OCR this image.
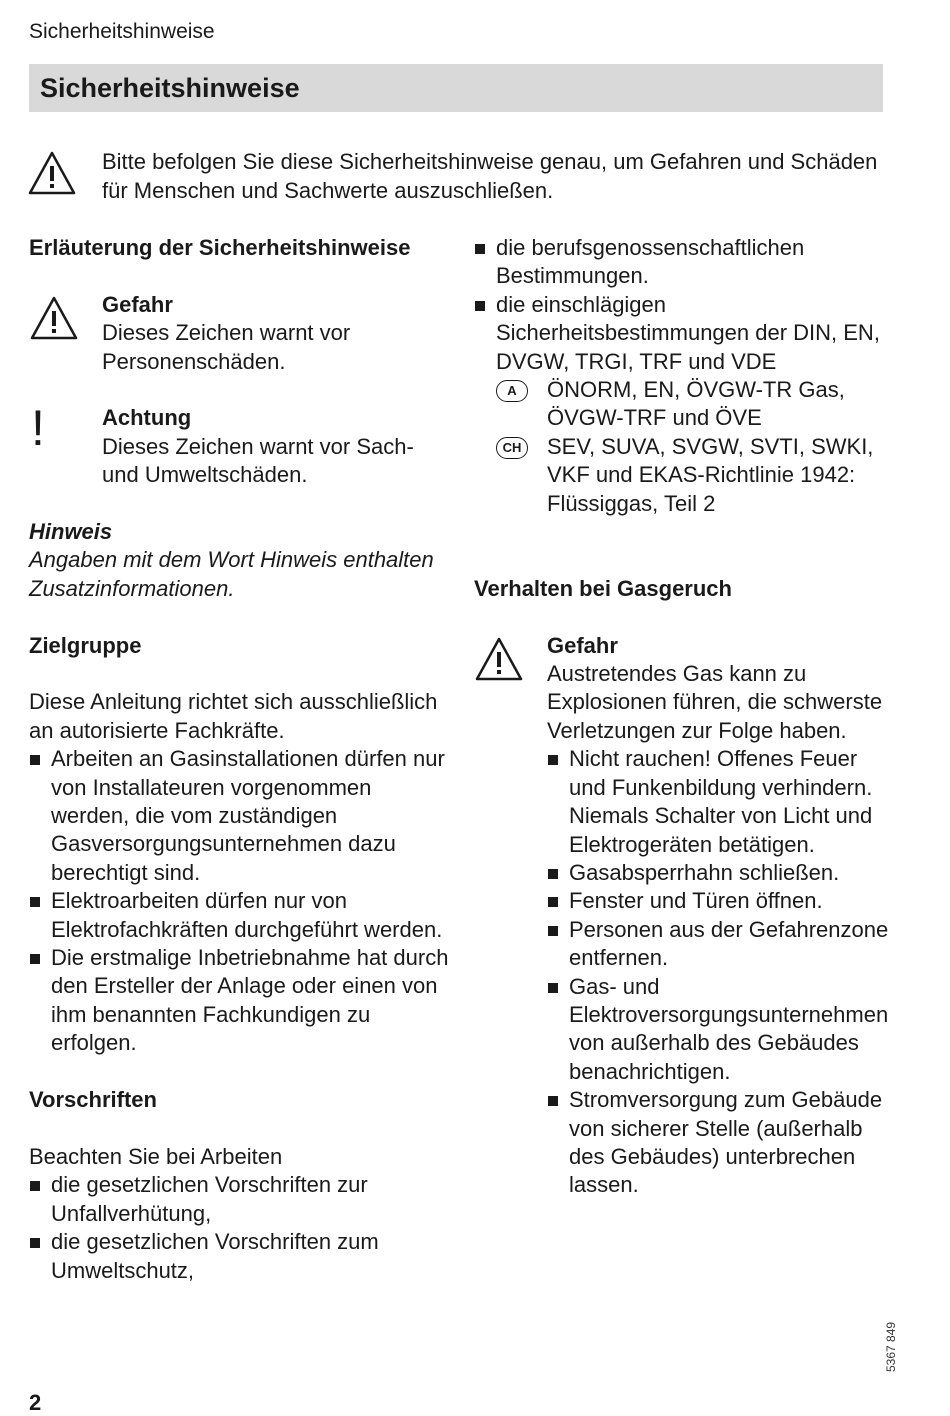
Sicherheitshinweise
Sicherheitshinweise
Bitte befolgen Sie diese Sicherheitshinweise genau, um Gefahren und Schäden für Menschen und Sachwerte auszuschließen.

Erläuterung der Sicherheitshinweise

Gefahr

Dieses Zeichen warnt vor Personenschäden.

!	Achtung

Dieses Zeichen warnt vor Sach- und Umweltschäden.

Hinweis

Angaben mit dem Wort Hinweis enthalten Zusatzinformationen.

Zielgruppe

Diese Anleitung richtet sich ausschließlich an autorisierte Fachkräfte.

Arbeiten an Gasinstallationen dürfen nur von Installateuren vorgenommen werden, die vom zuständigen Gasversorgungsunternehmen dazu berechtigt sind.
Elektroarbeiten dürfen nur von Elektrofachkräften durchgeführt werden.
Die erstmalige Inbetriebnahme hat durch den Ersteller der Anlage oder einen von ihm benannten Fachkundigen zu erfolgen.

Vorschriften

Beachten Sie bei Arbeiten

die gesetzlichen Vorschriften zur Unfallverhütung,
die gesetzlichen Vorschriften zum Umweltschutz,
die berufsgenossenschaftlichen Bestimmungen.
die einschlägigen Sicherheitsbestimmungen der DIN, EN, DVGW, TRGI, TRF und VDE
A	ÖNORM, EN, ÖVGW-TR Gas, ÖVGW-TRF und ÖVE
CH	SEV, SUVA, SVGW, SVTI, SWKI, VKF und EKAS-Richtlinie 1942: Flüssiggas, Teil 2

Verhalten bei Gasgeruch

Gefahr

Austretendes Gas kann zu Explosionen führen, die schwerste Verletzungen zur Folge haben.

Nicht rauchen! Offenes Feuer und Funkenbildung verhindern. Niemals Schalter von Licht und Elektrogeräten betätigen.
Gasabsperrhahn schließen.
Fenster und Türen öffnen.
Personen aus der Gefahrenzone entfernen.
Gas- und Elektroversorgungsunternehmen von außerhalb des Gebäudes benachrichtigen.
Stromversorgung zum Gebäude von sicherer Stelle (außerhalb des Gebäudes) unterbrechen lassen.
5367 849
2
